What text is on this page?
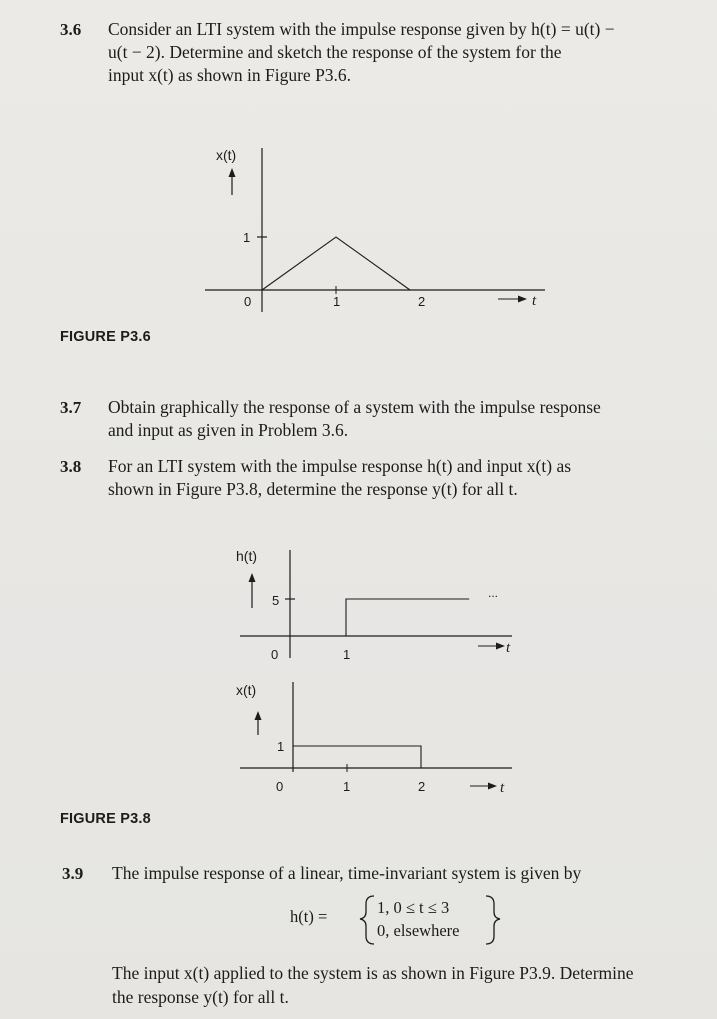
3.6 Consider an LTI system with the impulse response given by h(t) = u(t) −
u(t − 2). Determine and sketch the response of the system for the
input x(t) as shown in Figure P3.6.
x(t)
1
0	1	2	t
FIGURE P3.6
3.7 Obtain graphically the response of a system with the impulse response
and input as given in Problem 3.6.
3.8 For an LTI system with the impulse response h(t) and input x(t) as
shown in Figure P3.8, determine the response y(t) for all t.
h(t)
5
0	1
...
t
x(t)
1
0	1	2	t
FIGURE P3.8
3.9 The impulse response of a linear, time-invariant system is given by
h(t) =	1, 0 ≤ t ≤ 3
0, elsewhere
The input x(t) applied to the system is as shown in Figure P3.9. Determine
the response y(t) for all t.
